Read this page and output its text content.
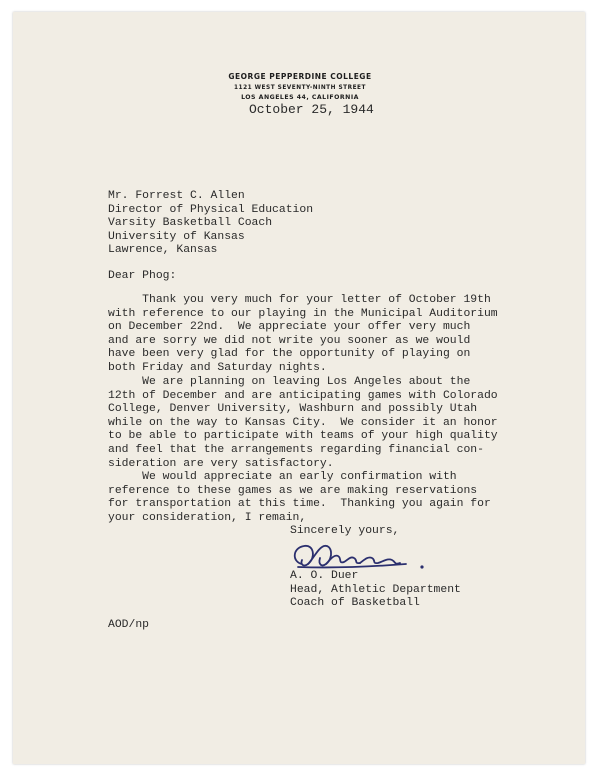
GEORGE PEPPERDINE COLLEGE
1121 WEST SEVENTY-NINTH STREET
LOS ANGELES 44, CALIFORNIA
October 25, 1944
Mr. Forrest C. Allen
Director of Physical Education
Varsity Basketball Coach
University of Kansas
Lawrence, Kansas
Dear Phog:
Thank you very much for your letter of October 19th
with reference to our playing in the Municipal Auditorium
on December 22nd.  We appreciate your offer very much
and are sorry we did not write you sooner as we would
have been very glad for the opportunity of playing on
both Friday and Saturday nights.
We are planning on leaving Los Angeles about the
12th of December and are anticipating games with Colorado
College, Denver University, Washburn and possibly Utah
while on the way to Kansas City.  We consider it an honor
to be able to participate with teams of your high quality
and feel that the arrangements regarding financial con-
sideration are very satisfactory.
We would appreciate an early confirmation with
reference to these games as we are making reservations
for transportation at this time.  Thanking you again for
your consideration, I remain,
Sincerely yours,
A. O. Duer
Head, Athletic Department
Coach of Basketball
AOD/np
